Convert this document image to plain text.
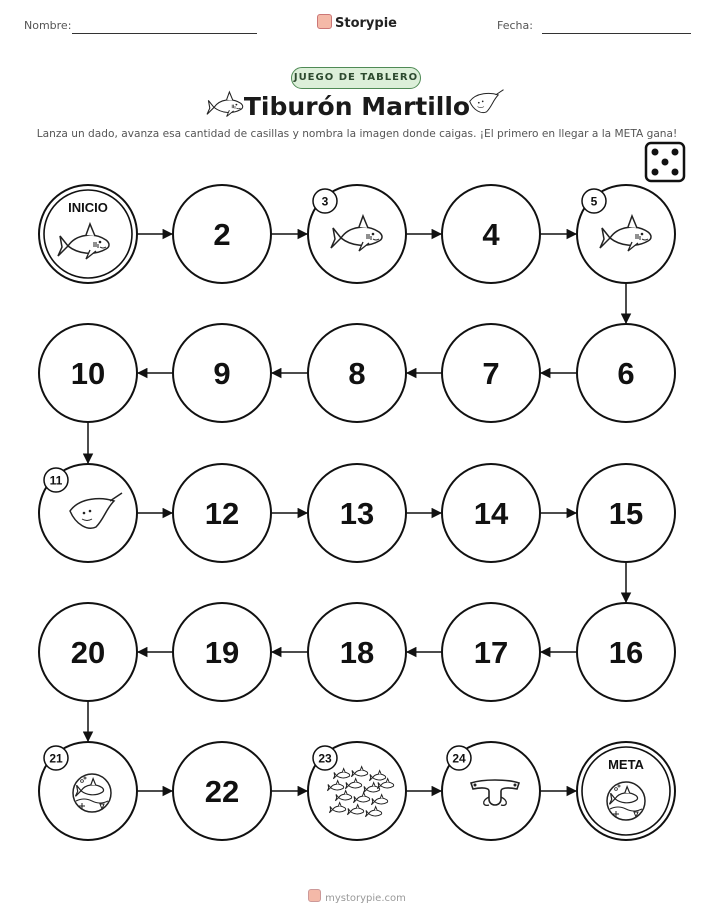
Nombre:	Storypie	Fecha:
JUEGO DE TABLERO
Tiburón Martillo
Lanza un dado, avanza esa cantidad de casillas y nombra la imagen donde caigas. ¡El primero en llegar a la META gana!
INICIO
2
3
4
5
10	9	8	7	6
11
12	13	14	15
20	19	18	17	16
21
22
23	24	META
mystorypie.com
